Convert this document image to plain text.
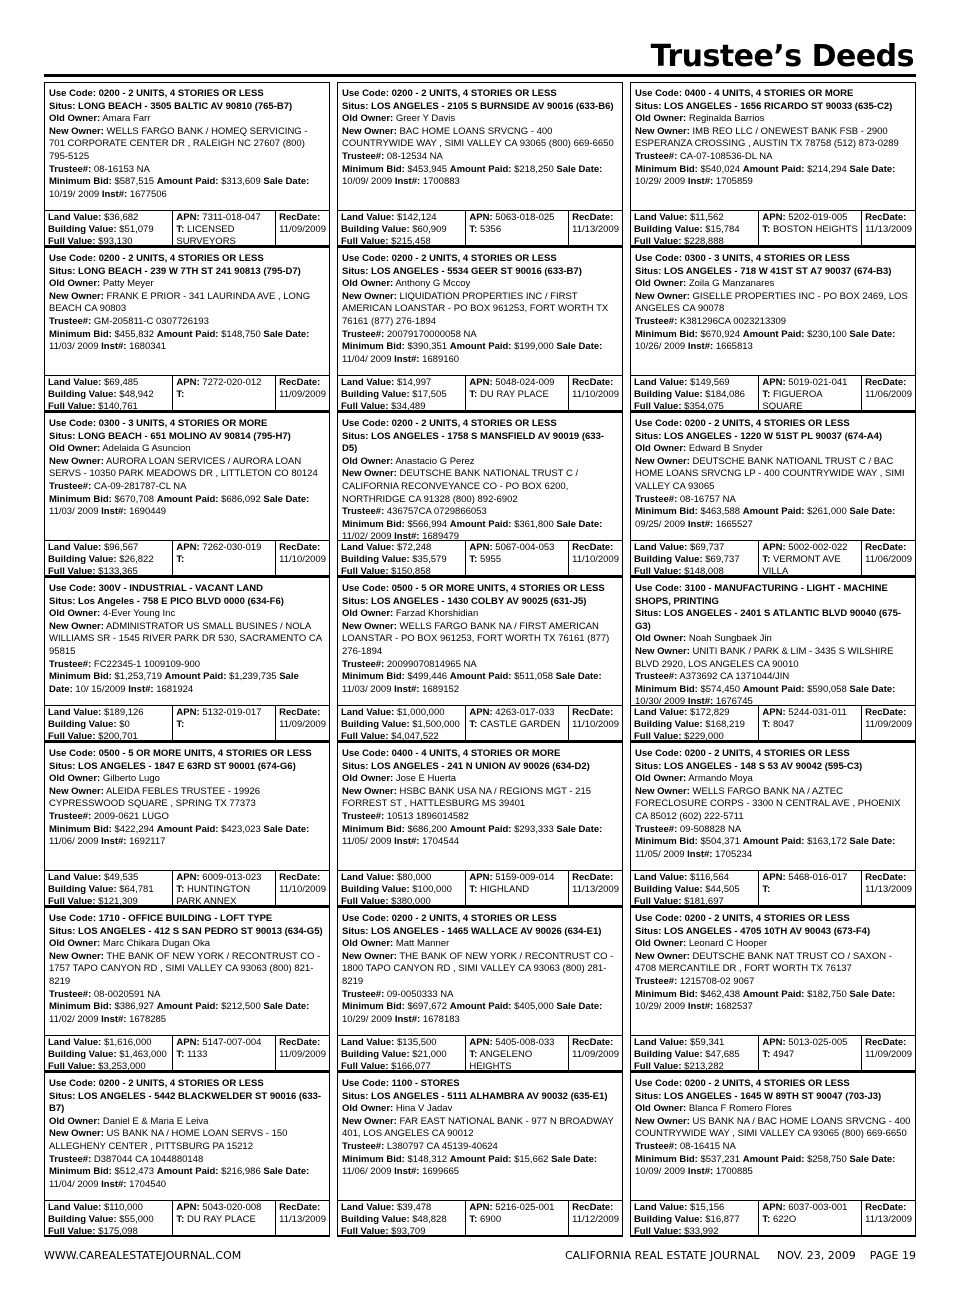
Trustee’s Deeds
Use Code: 0200 - 2 UNITS, 4 STORIES OR LESS
Situs: LONG BEACH - 3505 BALTIC AV 90810 (765-B7)
Old Owner: Amara Farr
New Owner: WELLS FARGO BANK / HOMEQ SERVICING - 701 CORPORATE CENTER DR , RALEIGH NC 27607 (800) 795-5125
Trustee#: 08-16153 NA
Minimum Bid: $587,515 Amount Paid: $313,609 Sale Date: 10/19/ 2009 Inst#: 1677506
Land Value: $36,682
Building Value: $51,079
Full Value: $93,130
APN: 7311-018-047
T: LICENSED SURVEYORS
RecDate:
11/09/2009
Use Code: 0200 - 2 UNITS, 4 STORIES OR LESS
Situs: LOS ANGELES - 2105 S BURNSIDE AV 90016 (633-B6)
Old Owner: Greer Y Davis
New Owner: BAC HOME LOANS SRVCNG - 400 COUNTRYWIDE WAY , SIMI VALLEY CA 93065 (800) 669-6650
Trustee#: 08-12534 NA
Minimum Bid: $453,945 Amount Paid: $218,250 Sale Date: 10/09/ 2009 Inst#: 1700883
Land Value: $142,124
Building Value: $60,909
Full Value: $215,458
APN: 5063-018-025
T: 5356
RecDate:
11/13/2009
Use Code: 0400 - 4 UNITS, 4 STORIES OR MORE
Situs: LOS ANGELES - 1656 RICARDO ST 90033 (635-C2)
Old Owner: Reginalda Barrios
New Owner: IMB REO LLC / ONEWEST BANK FSB - 2900 ESPERANZA CROSSING , AUSTIN TX 78758 (512) 873-0289
Trustee#: CA-07-108536-DL NA
Minimum Bid: $540,024 Amount Paid: $214,294 Sale Date: 10/29/ 2009 Inst#: 1705859
Land Value: $11,562
Building Value: $15,784
Full Value: $228,888
APN: 5202-019-005
T: BOSTON HEIGHTS
RecDate:
11/13/2009
Use Code: 0200 - 2 UNITS, 4 STORIES OR LESS
Situs: LONG BEACH - 239 W 7TH ST 241 90813 (795-D7)
Old Owner: Patty Meyer
New Owner: FRANK E PRIOR - 341 LAURINDA AVE , LONG BEACH CA 90803
Trustee#: GM-205811-C 0307726193
Minimum Bid: $455,832 Amount Paid: $148,750 Sale Date: 11/03/ 2009 Inst#: 1680341
Land Value: $69,485
Building Value: $48,942
Full Value: $140,761
APN: 7272-020-012
T:
RecDate:
11/09/2009
Use Code: 0200 - 2 UNITS, 4 STORIES OR LESS
Situs: LOS ANGELES - 5534 GEER ST 90016 (633-B7)
Old Owner: Anthony G Mccoy
New Owner: LIQUIDATION PROPERTIES INC / FIRST AMERICAN LOANSTAR - PO BOX 961253, FORT WORTH TX 76161 (877) 276-1894
Trustee#: 20079170000058 NA
Minimum Bid: $390,351 Amount Paid: $199,000 Sale Date: 11/04/ 2009 Inst#: 1689160
Land Value: $14,997
Building Value: $17,505
Full Value: $34,489
APN: 5048-024-009
T: DU RAY PLACE
RecDate:
11/10/2009
Use Code: 0300 - 3 UNITS, 4 STORIES OR LESS
Situs: LOS ANGELES - 718 W 41ST ST A7 90037 (674-B3)
Old Owner: Zoila G Manzanares
New Owner: GISELLE PROPERTIES INC - PO BOX 2469, LOS ANGELES CA 90078
Trustee#: K381296CA 0023213309
Minimum Bid: $670,924 Amount Paid: $230,100 Sale Date: 10/26/ 2009 Inst#: 1665813
Land Value: $149,569
Building Value: $184,086
Full Value: $354,075
APN: 5019-021-041
T: FIGUEROA SQUARE
RecDate:
11/06/2009
Use Code: 0300 - 3 UNITS, 4 STORIES OR MORE
Situs: LONG BEACH - 651 MOLINO AV 90814 (795-H7)
Old Owner: Adelaida G Asuncion
New Owner: AURORA LOAN SERVICES / AURORA LOAN SERVS - 10350 PARK MEADOWS DR , LITTLETON CO 80124
Trustee#: CA-09-281787-CL NA
Minimum Bid: $670,708 Amount Paid: $686,092 Sale Date: 11/03/ 2009 Inst#: 1690449
Land Value: $96,567
Building Value: $26,822
Full Value: $133,365
APN: 7262-030-019
T:
RecDate:
11/10/2009
Use Code: 0200 - 2 UNITS, 4 STORIES OR LESS
Situs: LOS ANGELES - 1758 S MANSFIELD AV 90019 (633-D5)
Old Owner: Anastacio G Perez
New Owner: DEUTSCHE BANK NATIONAL TRUST C / CALIFORNIA RECONVEYANCE CO - PO BOX 6200, NORTHRIDGE CA 91328 (800) 892-6902
Trustee#: 436757CA 0729866053
Minimum Bid: $566,994 Amount Paid: $361,800 Sale Date: 11/02/ 2009 Inst#: 1689479
Land Value: $72,248
Building Value: $35,579
Full Value: $150,858
APN: 5067-004-053
T: 5955
RecDate:
11/10/2009
Use Code: 0200 - 2 UNITS, 4 STORIES OR LESS
Situs: LOS ANGELES - 1220 W 51ST PL 90037 (674-A4)
Old Owner: Edward B Snyder
New Owner: DEUTSCHE BANK NATIOANL TRUST C / BAC HOME LOANS SRVCNG LP - 400 COUNTRYWIDE WAY , SIMI VALLEY CA 93065
Trustee#: 08-16757 NA
Minimum Bid: $463,588 Amount Paid: $261,000 Sale Date: 09/25/ 2009 Inst#: 1665527
Land Value: $69,737
Building Value: $69,737
Full Value: $148,008
APN: 5002-002-022
T: VERMONT AVE VILLA
RecDate:
11/06/2009
Use Code: 300V - INDUSTRIAL - VACANT LAND
Situs: Los Angeles - 758 E PICO BLVD 0000 (634-F6)
Old Owner: 4-Ever Young Inc
New Owner: ADMINISTRATOR US SMALL BUSINES / NOLA WILLIAMS SR - 1545 RIVER PARK DR 530, SACRAMENTO CA 95815
Trustee#: FC22345-1 1009109-900
Minimum Bid: $1,253,719 Amount Paid: $1,239,735 Sale Date: 10/ 15/2009 Inst#: 1681924
Land Value: $189,126
Building Value: $0
Full Value: $200,701
APN: 5132-019-017
T:
RecDate:
11/09/2009
Use Code: 0500 - 5 OR MORE UNITS, 4 STORIES OR LESS
Situs: LOS ANGELES - 1430 COLBY AV 90025 (631-J5)
Old Owner: Farzad Khorshidian
New Owner: WELLS FARGO BANK NA / FIRST AMERICAN LOANSTAR - PO BOX 961253, FORT WORTH TX 76161 (877) 276-1894
Trustee#: 20099070814965 NA
Minimum Bid: $499,446 Amount Paid: $511,058 Sale Date: 11/03/ 2009 Inst#: 1689152
Land Value: $1,000,000
Building Value: $1,500,000
Full Value: $4,047,522
APN: 4263-017-033
T: CASTLE GARDEN
RecDate:
11/10/2009
Use Code: 3100 - MANUFACTURING - LIGHT - MACHINE SHOPS, PRINTING
Situs: LOS ANGELES - 2401 S ATLANTIC BLVD 90040 (675-G3)
Old Owner: Noah Sungbaek Jin
New Owner: UNITI BANK / PARK & LIM - 3435 S WILSHIRE BLVD 2920, LOS ANGELES CA 90010
Trustee#: A373692 CA 1371044/JIN
Minimum Bid: $574,450 Amount Paid: $590,058 Sale Date: 10/30/ 2009 Inst#: 1676745
Land Value: $172,829
Building Value: $168,219
Full Value: $229,000
APN: 5244-031-011
T: 8047
RecDate:
11/09/2009
Use Code: 0500 - 5 OR MORE UNITS, 4 STORIES OR LESS
Situs: LOS ANGELES - 1847 E 63RD ST 90001 (674-G6)
Old Owner: Gilberto Lugo
New Owner: ALEIDA FEBLES TRUSTEE - 19926 CYPRESSWOOD SQUARE , SPRING TX 77373
Trustee#: 2009-0621 LUGO
Minimum Bid: $422,294 Amount Paid: $423,023 Sale Date: 11/06/ 2009 Inst#: 1692117
Land Value: $49,535
Building Value: $64,781
Full Value: $121,309
APN: 6009-013-023
T: HUNTINGTON PARK ANNEX
RecDate:
11/10/2009
Use Code: 0400 - 4 UNITS, 4 STORIES OR MORE
Situs: LOS ANGELES - 241 N UNION AV 90026 (634-D2)
Old Owner: Jose E Huerta
New Owner: HSBC BANK USA NA / REGIONS MGT - 215 FORREST ST , HATTLESBURG MS 39401
Trustee#: 10513 1896014582
Minimum Bid: $686,200 Amount Paid: $293,333 Sale Date: 11/05/ 2009 Inst#: 1704544
Land Value: $80,000
Building Value: $100,000
Full Value: $380,000
APN: 5159-009-014
T: HIGHLAND
RecDate:
11/13/2009
Use Code: 0200 - 2 UNITS, 4 STORIES OR LESS
Situs: LOS ANGELES - 148 S 53 AV 90042 (595-C3)
Old Owner: Armando Moya
New Owner: WELLS FARGO BANK NA / AZTEC FORECLOSURE CORPS - 3300 N CENTRAL AVE , PHOENIX CA 85012 (602) 222-5711
Trustee#: 09-508828 NA
Minimum Bid: $504,371 Amount Paid: $163,172 Sale Date: 11/05/ 2009 Inst#: 1705234
Land Value: $116,564
Building Value: $44,505
Full Value: $181,697
APN: 5468-016-017
T:
RecDate:
11/13/2009
Use Code: 1710 - OFFICE BUILDING - LOFT TYPE
Situs: LOS ANGELES - 412 S SAN PEDRO ST 90013 (634-G5)
Old Owner: Marc Chikara Dugan Oka
New Owner: THE BANK OF NEW YORK / RECONTRUST CO - 1757 TAPO CANYON RD , SIMI VALLEY CA 93063 (800) 821-8219
Trustee#: 08-0020591 NA
Minimum Bid: $386,927 Amount Paid: $212,500 Sale Date: 11/02/ 2009 Inst#: 1678285
Land Value: $1,616,000
Building Value: $1,463,000
Full Value: $3,253,000
APN: 5147-007-004
T: 1133
RecDate:
11/09/2009
Use Code: 0200 - 2 UNITS, 4 STORIES OR LESS
Situs: LOS ANGELES - 1465 WALLACE AV 90026 (634-E1)
Old Owner: Matt Manner
New Owner: THE BANK OF NEW YORK / RECONTRUST CO - 1800 TAPO CANYON RD , SIMI VALLEY CA 93063 (800) 281-8219
Trustee#: 09-0050333 NA
Minimum Bid: $697,672 Amount Paid: $405,000 Sale Date: 10/29/ 2009 Inst#: 1678183
Land Value: $135,500
Building Value: $21,000
Full Value: $166,077
APN: 5405-008-033
T: ANGELENO HEIGHTS
RecDate:
11/09/2009
Use Code: 0200 - 2 UNITS, 4 STORIES OR LESS
Situs: LOS ANGELES - 4705 10TH AV 90043 (673-F4)
Old Owner: Leonard C Hooper
New Owner: DEUTSCHE BANK NAT TRUST CO / SAXON - 4708 MERCANTILE DR , FORT WORTH TX 76137
Trustee#: 1215708-02 9067
Minimum Bid: $462,438 Amount Paid: $182,750 Sale Date: 10/29/ 2009 Inst#: 1682537
Land Value: $59,341
Building Value: $47,685
Full Value: $213,282
APN: 5013-025-005
T: 4947
RecDate:
11/09/2009
Use Code: 0200 - 2 UNITS, 4 STORIES OR LESS
Situs: LOS ANGELES - 5442 BLACKWELDER ST 90016 (633-B7)
Old Owner: Daniel E & Maria E Leiva
New Owner: US BANK NA / HOME LOAN SERVS - 150 ALLEGHENY CENTER , PITTSBURG PA 15212
Trustee#: D387044 CA 1044880148
Minimum Bid: $512,473 Amount Paid: $216,986 Sale Date: 11/04/ 2009 Inst#: 1704540
Land Value: $110,000
Building Value: $55,000
Full Value: $175,098
APN: 5043-020-008
T: DU RAY PLACE
RecDate:
11/13/2009
Use Code: 1100 - STORES
Situs: LOS ANGELES - 5111 ALHAMBRA AV 90032 (635-E1)
Old Owner: Hina V Jadav
New Owner: FAR EAST NATIONAL BANK - 977 N BROADWAY 401, LOS ANGELES CA 90012
Trustee#: L380797 CA 45139-40624
Minimum Bid: $148,312 Amount Paid: $15,662 Sale Date: 11/06/ 2009 Inst#: 1699665
Land Value: $39,478
Building Value: $48,828
Full Value: $93,709
APN: 5216-025-001
T: 6900
RecDate:
11/12/2009
Use Code: 0200 - 2 UNITS, 4 STORIES OR LESS
Situs: LOS ANGELES - 1645 W 89TH ST 90047 (703-J3)
Old Owner: Blanca F Romero Flores
New Owner: US BANK NA / BAC HOME LOANS SRVCNG - 400 COUNTRYWIDE WAY , SIMI VALLEY CA 93065 (800) 669-6650
Trustee#: 08-16415 NA
Minimum Bid: $537,231 Amount Paid: $258,750 Sale Date: 10/09/ 2009 Inst#: 1700885
Land Value: $15,156
Building Value: $16,877
Full Value: $33,992
APN: 6037-003-001
T: 622O
RecDate:
11/13/2009
WWW.CAREALESTATEJOURNAL.COM	CALIFORNIA REAL ESTATE JOURNAL NOV. 23, 2009 PAGE 19
